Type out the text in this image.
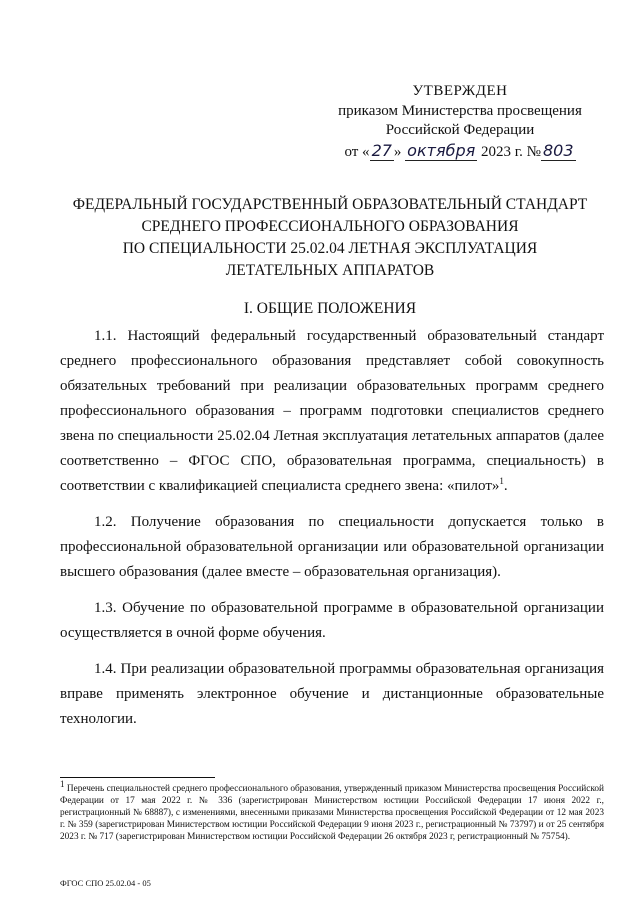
УТВЕРЖДЕН
приказом Министерства просвещения
Российской Федерации
от « 27 » октября 2023 г. № 803
ФЕДЕРАЛЬНЫЙ ГОСУДАРСТВЕННЫЙ ОБРАЗОВАТЕЛЬНЫЙ СТАНДАРТ
СРЕДНЕГО ПРОФЕССИОНАЛЬНОГО ОБРАЗОВАНИЯ
ПО СПЕЦИАЛЬНОСТИ 25.02.04 ЛЕТНАЯ ЭКСПЛУАТАЦИЯ
ЛЕТАТЕЛЬНЫХ АППАРАТОВ
I. ОБЩИЕ ПОЛОЖЕНИЯ

1.1. Настоящий федеральный государственный образовательный стандарт среднего профессионального образования представляет собой совокупность обязательных требований при реализации образовательных программ среднего профессионального образования – программ подготовки специалистов среднего звена по специальности 25.02.04 Летная эксплуатация летательных аппаратов (далее соответственно – ФГОС СПО, образовательная программа, специальность) в соответствии с квалификацией специалиста среднего звена: «пилот»$^1$.

1.2. Получение образования по специальности допускается только в профессиональной образовательной организации или образовательной организации высшего образования (далее вместе – образовательная организация).

1.3. Обучение по образовательной программе в образовательной организации осуществляется в очной форме обучения.

1.4. При реализации образовательной программы образовательная организация вправе применять электронное обучение и дистанционные образовательные технологии.

$^1$ Перечень специальностей среднего профессионального образования, утвержденный приказом Министерства просвещения Российской Федерации от 17 мая 2022 г. № 336 (зарегистрирован Министерством юстиции Российской Федерации 17 июня 2022 г., регистрационный № 68887), с изменениями, внесенными приказами Министерства просвещения Российской Федерации от 12 мая 2023 г. № 359 (зарегистрирован Министерством юстиции Российской Федерации 9 июня 2023 г., регистрационный № 73797) и от 25 сентября 2023 г. № 717 (зарегистрирован Министерством юстиции Российской Федерации 26 октября 2023 г, регистрационный № 75754).
ФГОС СПО 25.02.04 - 05
